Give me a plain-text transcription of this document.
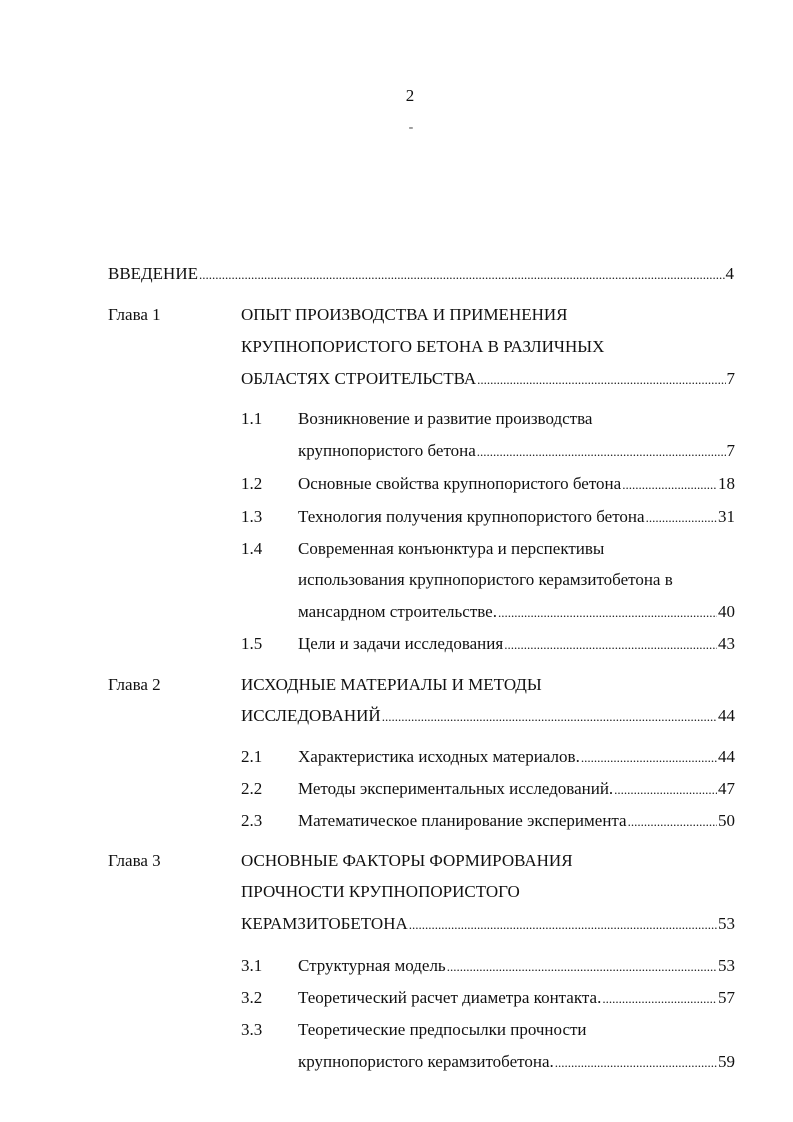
2
-
ВВЕДЕНИЕ .....	4
Глава 1	ОПЫТ ПРОИЗВОДСТВА И ПРИМЕНЕНИЯ
КРУПНОПОРИСТОГО БЕТОНА В РАЗЛИЧНЫХ
ОБЛАСТЯХ СТРОИТЕЛЬСТВА .....	7
1.1 Возникновение и развитие производства
крупнопористого бетона .....	7
1.2 Основные свойства крупнопористого бетона .....	18
1.3 Технология получения крупнопористого бетона .....	31
1.4 Современная конъюнктура и перспективы
использования крупнопористого керамзитобетона в
мансардном строительстве. .....	40
1.5 Цели и задачи исследования .....	43
Глава 2	ИСХОДНЫЕ МАТЕРИАЛЫ И МЕТОДЫ
ИССЛЕДОВАНИЙ .....	44
2.1 Характеристика исходных материалов. .....	44
2.2 Методы экспериментальных исследований. .....	47
2.3 Математическое планирование эксперимента .....	50
Глава 3	ОСНОВНЫЕ ФАКТОРЫ ФОРМИРОВАНИЯ
ПРОЧНОСТИ КРУПНОПОРИСТОГО
КЕРАМЗИТОБЕТОНА .....	53
3.1 Структурная модель .....	53
3.2 Теоретический расчет диаметра контакта. .....	57
3.3 Теоретические предпосылки прочности
крупнопористого керамзитобетона. .....	59
